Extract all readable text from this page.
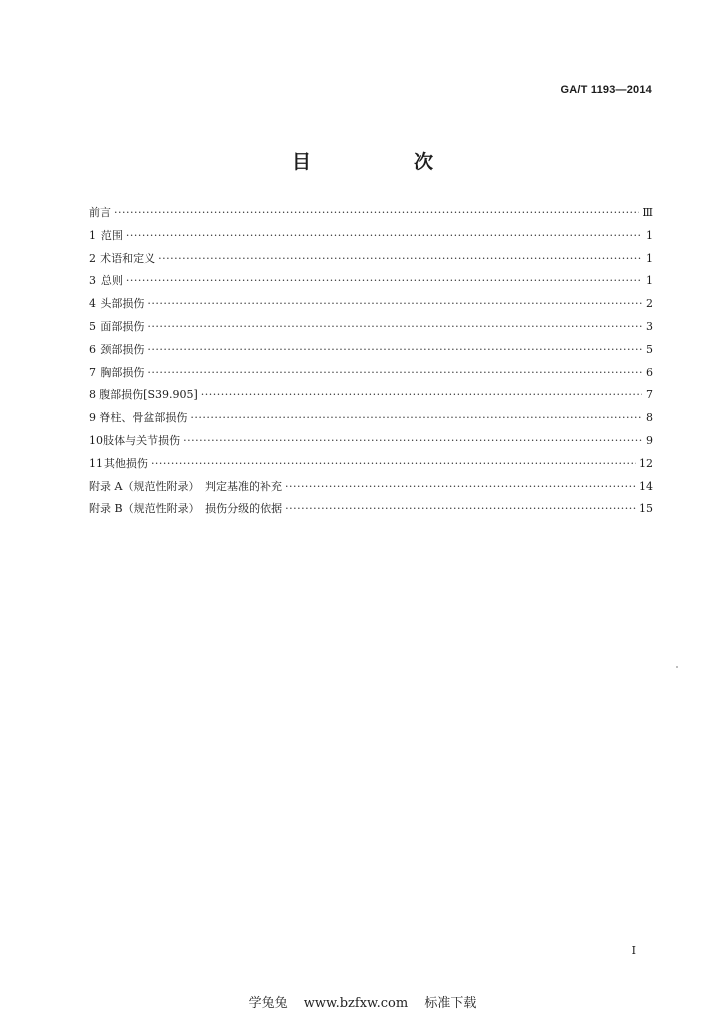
GA/T 1193—2014
目　次
前言 ·····	Ⅲ
1 范围 ·····	1
2 术语和定义 ·····	1
3 总则 ·····	1
4 头部损伤 ·····	2
5 面部损伤 ·····	3
6 颈部损伤 ·····	5
7 胸部损伤 ·····	6
8 腹部损伤[S39.905] ·····	7
9 脊柱、骨盆部损伤 ·····	8
10 肢体与关节损伤 ·····	9
11 其他损伤 ·····	12
附录 A（规范性附录）　判定基准的补充 ·····	14
附录 B（规范性附录）　损伤分级的依据 ·····	15
I
学兔兔 www.bzfxw.com 标准下载
